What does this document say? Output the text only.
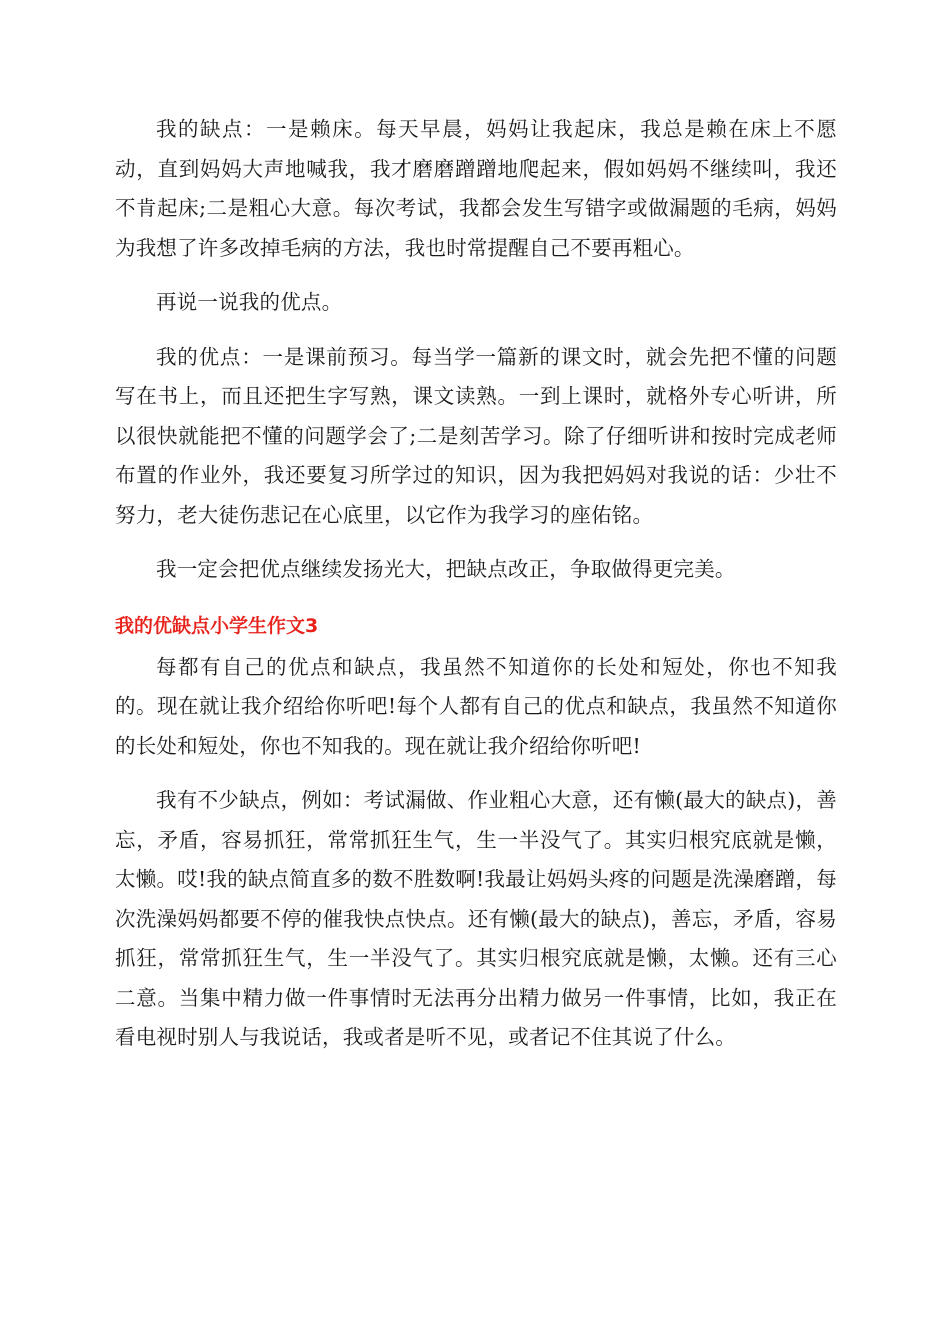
我的缺点：一是赖床。每天早晨，妈妈让我起床，我总是赖在床上不愿动，直到妈妈大声地喊我，我才磨磨蹭蹭地爬起来，假如妈妈不继续叫，我还不肯起床;二是粗心大意。每次考试，我都会发生写错字或做漏题的毛病，妈妈为我想了许多改掉毛病的方法，我也时常提醒自己不要再粗心。

再说一说我的优点。

我的优点：一是课前预习。每当学一篇新的课文时，就会先把不懂的问题写在书上，而且还把生字写熟，课文读熟。一到上课时，就格外专心听讲，所以很快就能把不懂的问题学会了;二是刻苦学习。除了仔细听讲和按时完成老师布置的作业外，我还要复习所学过的知识，因为我把妈妈对我说的话：少壮不努力，老大徒伤悲记在心底里，以它作为我学习的座佑铭。

我一定会把优点继续发扬光大，把缺点改正，争取做得更完美。

我的优缺点小学生作文3

每都有自己的优点和缺点，我虽然不知道你的长处和短处，你也不知我的。现在就让我介绍给你听吧!每个人都有自己的优点和缺点，我虽然不知道你的长处和短处，你也不知我的。现在就让我介绍给你听吧!

我有不少缺点，例如：考试漏做、作业粗心大意，还有懒(最大的缺点)，善忘，矛盾，容易抓狂，常常抓狂生气，生一半没气了。其实归根究底就是懒，太懒。哎!我的缺点简直多的数不胜数啊!我最让妈妈头疼的问题是洗澡磨蹭，每次洗澡妈妈都要不停的催我快点快点。还有懒(最大的缺点)，善忘，矛盾，容易抓狂，常常抓狂生气，生一半没气了。其实归根究底就是懒，太懒。还有三心二意。当集中精力做一件事情时无法再分出精力做另一件事情，比如，我正在看电视时别人与我说话，我或者是听不见，或者记不住其说了什么。
